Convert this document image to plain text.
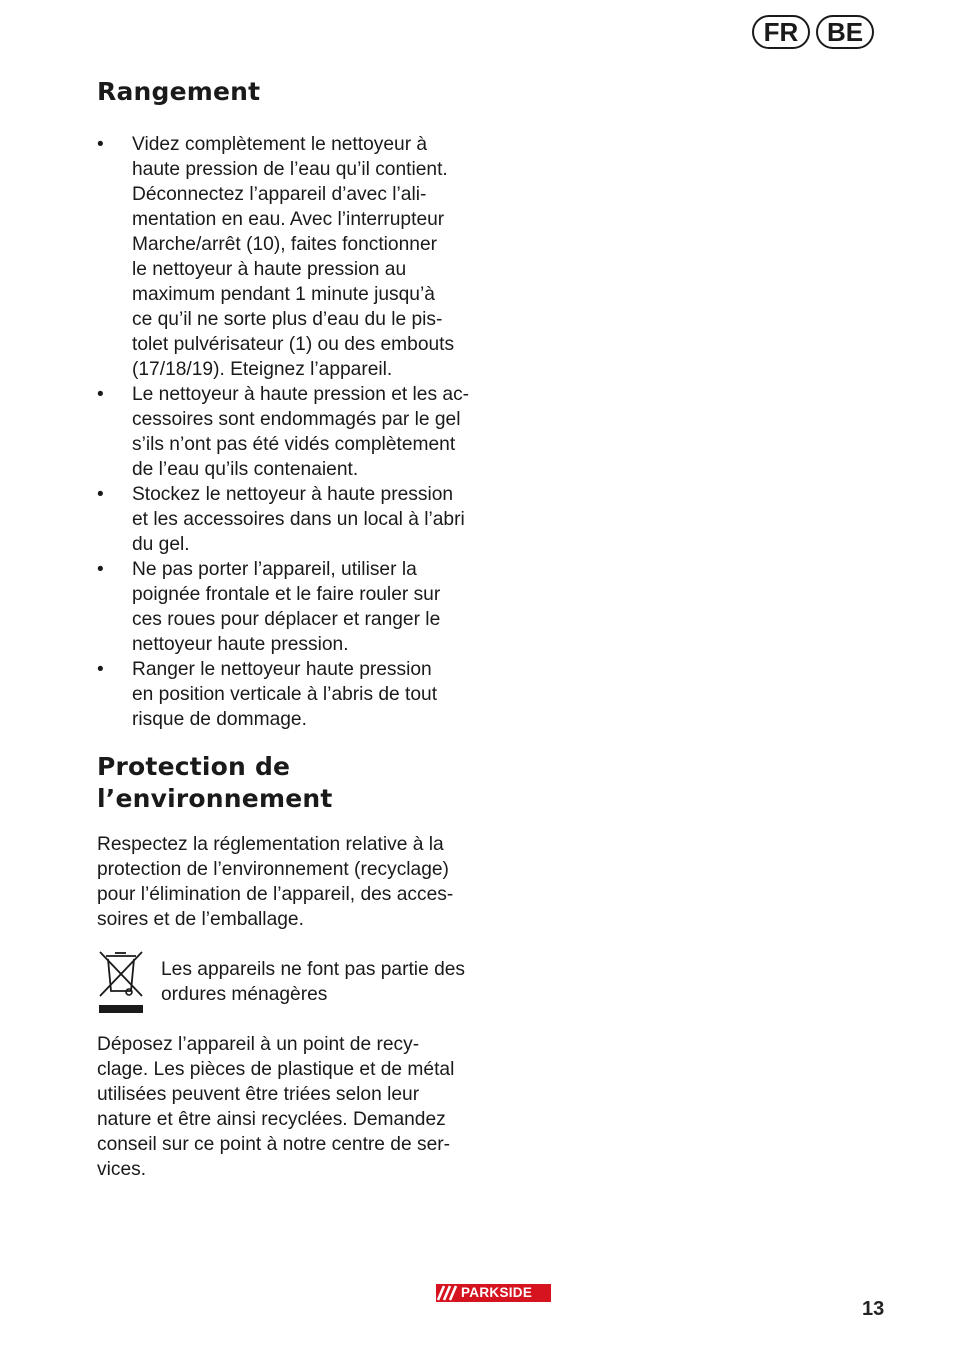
FR	BE
Rangement
• Videz complètement le nettoyeur à
haute pression de l’eau qu’il contient.
Déconnectez l’appareil d’avec l’ali-
mentation en eau. Avec l’interrupteur
Marche/arrêt (10), faites fonctionner
le nettoyeur à haute pression au
maximum pendant 1 minute jusqu’à
ce qu’il ne sorte plus d’eau du le pis-
tolet pulvérisateur (1) ou des embouts
(17/18/19). Eteignez l’appareil.
• Le nettoyeur à haute pression et les ac-
cessoires sont endommagés par le gel
s’ils n’ont pas été vidés complètement
de l’eau qu’ils contenaient.
• Stockez le nettoyeur à haute pression
et les accessoires dans un local à l’abri
du gel.
• Ne pas porter l’appareil, utiliser la
poignée frontale et le faire rouler sur
ces roues pour déplacer et ranger le
nettoyeur haute pression.
• Ranger le nettoyeur haute pression
en position verticale à l’abris de tout
risque de dommage.
Protection de
l’environnement

Respectez la réglementation relative à la
protection de l’environnement (recyclage)
pour l’élimination de l’appareil, des acces-
soires et de l’emballage.

Les appareils ne font pas partie des
ordures ménagères

Déposez l’appareil à un point de recy-
clage. Les pièces de plastique et de métal
utilisées peuvent être triées selon leur
nature et être ainsi recyclées. Demandez
conseil sur ce point à notre centre de ser-
vices.

PARKSIDE
13
